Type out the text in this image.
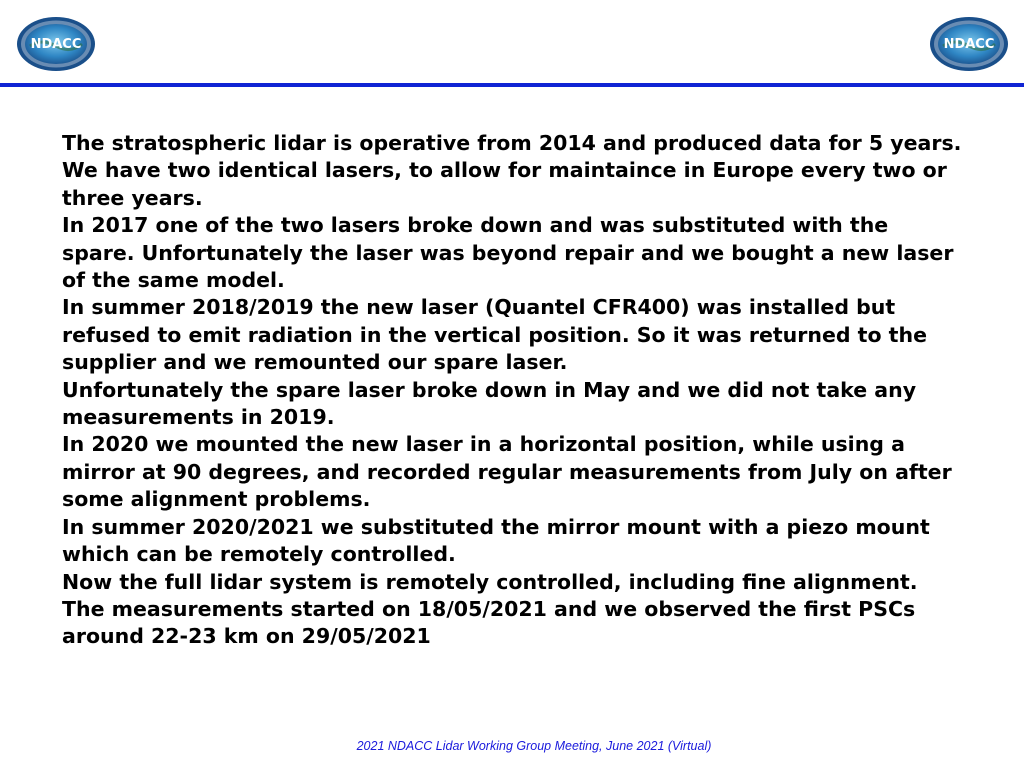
NDACC	NDACC

The stratospheric lidar is operative from 2014 and produced data for 5 years. We have two identical lasers, to allow for maintaince in Europe every two or three years.

In 2017 one of the two lasers broke down and was substituted with the spare. Unfortunately the laser was beyond repair and we bought a new laser of the same model.

In summer 2018/2019 the new laser (Quantel CFR400) was installed but refused to emit radiation in the vertical position. So it was returned to the supplier and we remounted our spare laser.

Unfortunately the spare laser broke down in May and we did not take any measurements in 2019.

In 2020 we mounted the new laser in a horizontal position, while using a mirror at 90 degrees, and recorded regular measurements from July on after some alignment problems.

In summer 2020/2021 we substituted the mirror mount with a piezo mount which can be remotely controlled.

Now the full lidar system is remotely controlled, including fine alignment.

The measurements started on 18/05/2021 and we observed the first PSCs around 22-23 km on 29/05/2021

2021 NDACC Lidar Working Group Meeting, June 2021 (Virtual)
